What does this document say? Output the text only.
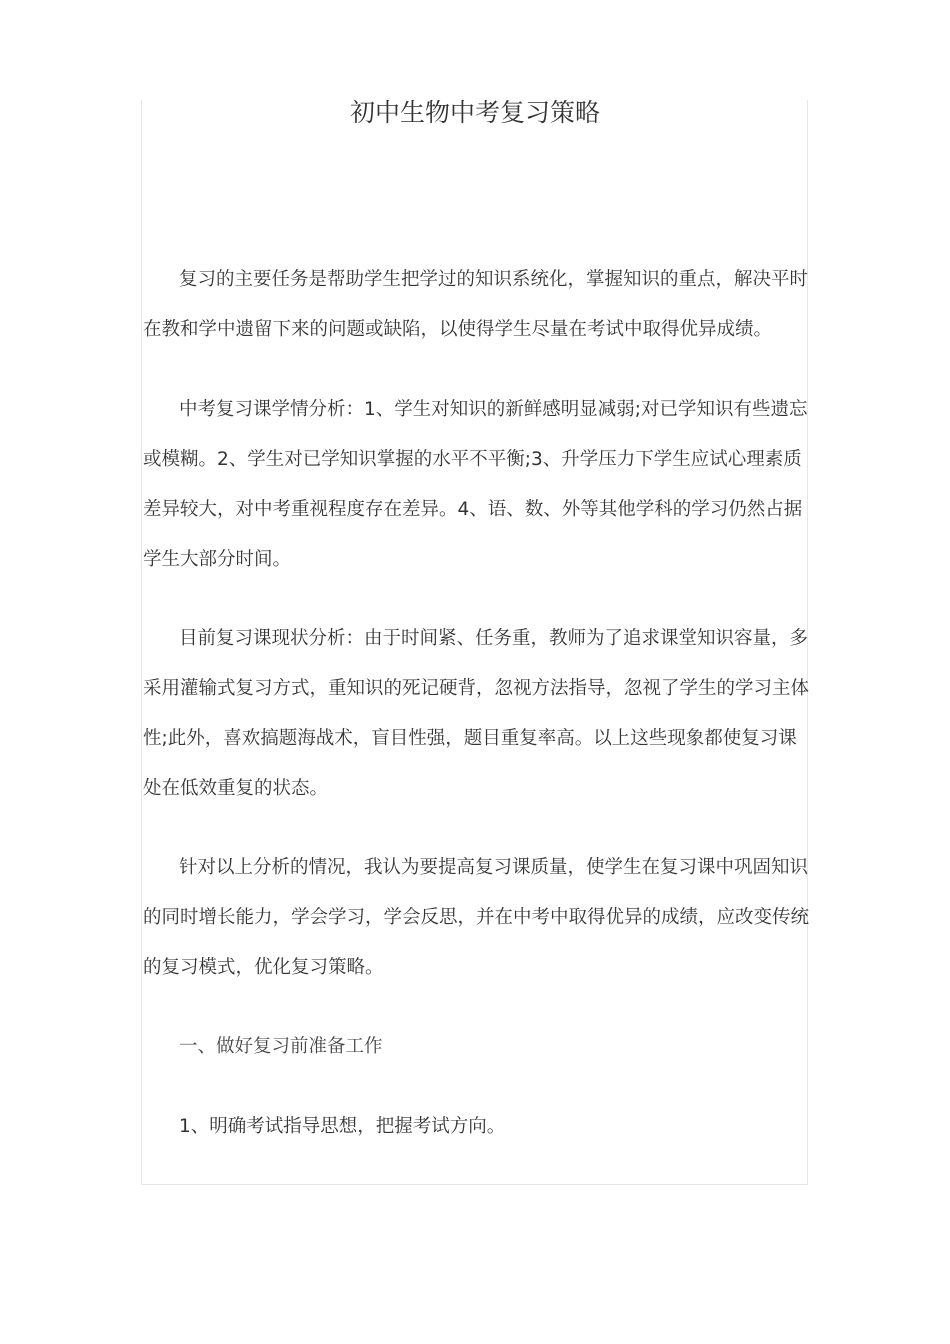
初中生物中考复习策略

复习的主要任务是帮助学生把学过的知识系统化，掌握知识的重点，解决平时在教和学中遗留下来的问题或缺陷，以使得学生尽量在考试中取得优异成绩。

中考复习课学情分析：1、学生对知识的新鲜感明显减弱;对已学知识有些遗忘或模糊。2、学生对已学知识掌握的水平不平衡;3、升学压力下学生应试心理素质差异较大，对中考重视程度存在差异。4、语、数、外等其他学科的学习仍然占据学生大部分时间。

目前复习课现状分析：由于时间紧、任务重，教师为了追求课堂知识容量，多采用灌输式复习方式，重知识的死记硬背，忽视方法指导，忽视了学生的学习主体性;此外，喜欢搞题海战术，盲目性强，题目重复率高。以上这些现象都使复习课处在低效重复的状态。

针对以上分析的情况，我认为要提高复习课质量，使学生在复习课中巩固知识的同时增长能力，学会学习，学会反思，并在中考中取得优异的成绩，应改变传统的复习模式，优化复习策略。

一、做好复习前准备工作

1、明确考试指导思想，把握考试方向。
